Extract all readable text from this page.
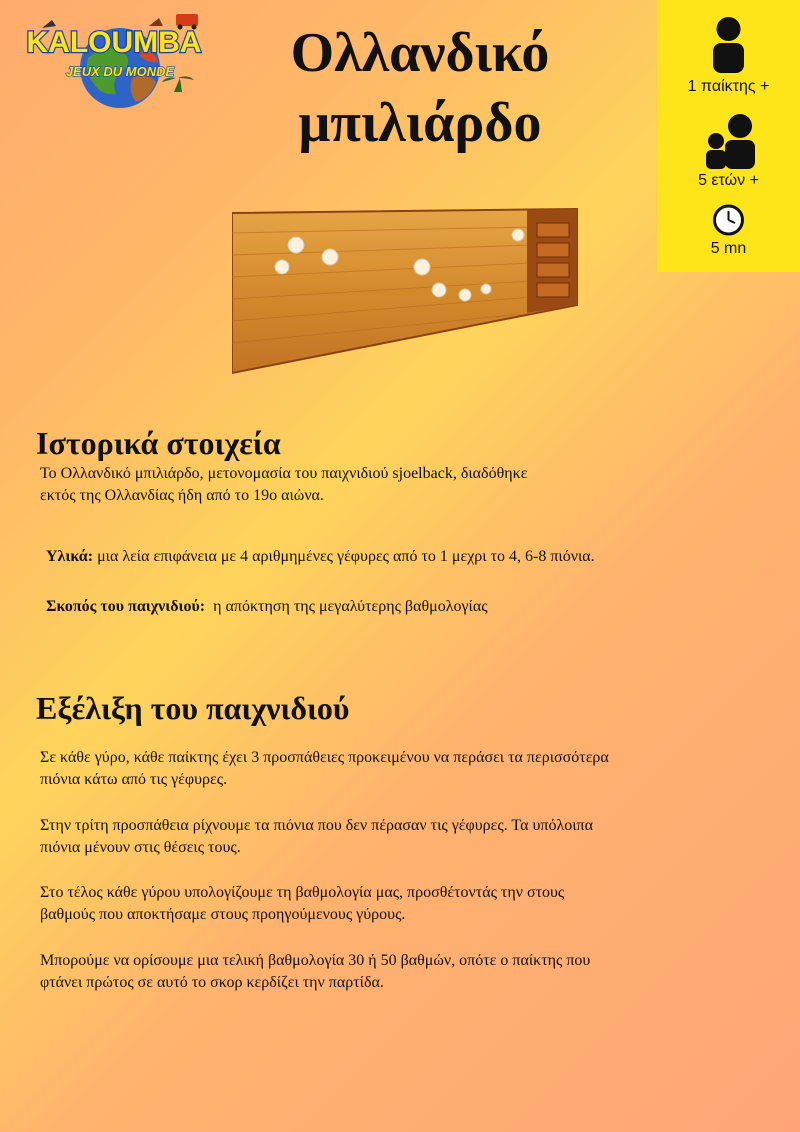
KALOUMBA
JEUX DU MONDE	Ολλανδικό
μπιλιάρδο
1 παίκτης +
5 ετών +
5 mn
Ιστορικά στοιχεία
Το Ολλανδικό μπιλιάρδο, μετονομασία του παιχνιδιού sjoelback, διαδόθηκε
εκτός της Ολλανδίας ήδη από το 19ο αιώνα.
Υλικά: μια λεία επιφάνεια με 4 αριθμημένες γέφυρες από το 1 μεχρι το 4, 6-8 πιόνια.
Σκοπός του παιχνιδιού: η απόκτηση της μεγαλύτερης βαθμολογίας
Εξέλιξη του παιχνιδιού
Σε κάθε γύρο, κάθε παίκτης έχει 3 προσπάθειες προκειμένου να περάσει τα περισσότερα
πιόνια κάτω από τις γέφυρες.
Στην τρίτη προσπάθεια ρίχνουμε τα πιόνια που δεν πέρασαν τις γέφυρες. Τα υπόλοιπα
πιόνια μένουν στις θέσεις τους.
Στο τέλος κάθε γύρου υπολογίζουμε τη βαθμολογία μας, προσθέτοντάς την στους
βαθμούς που αποκτήσαμε στους προηγούμενους γύρους.
Μπορούμε να ορίσουμε μια τελική βαθμολογία 30 ή 50 βαθμών, οπότε ο παίκτης που
φτάνει πρώτος σε αυτό το σκορ κερδίζει την παρτίδα.
